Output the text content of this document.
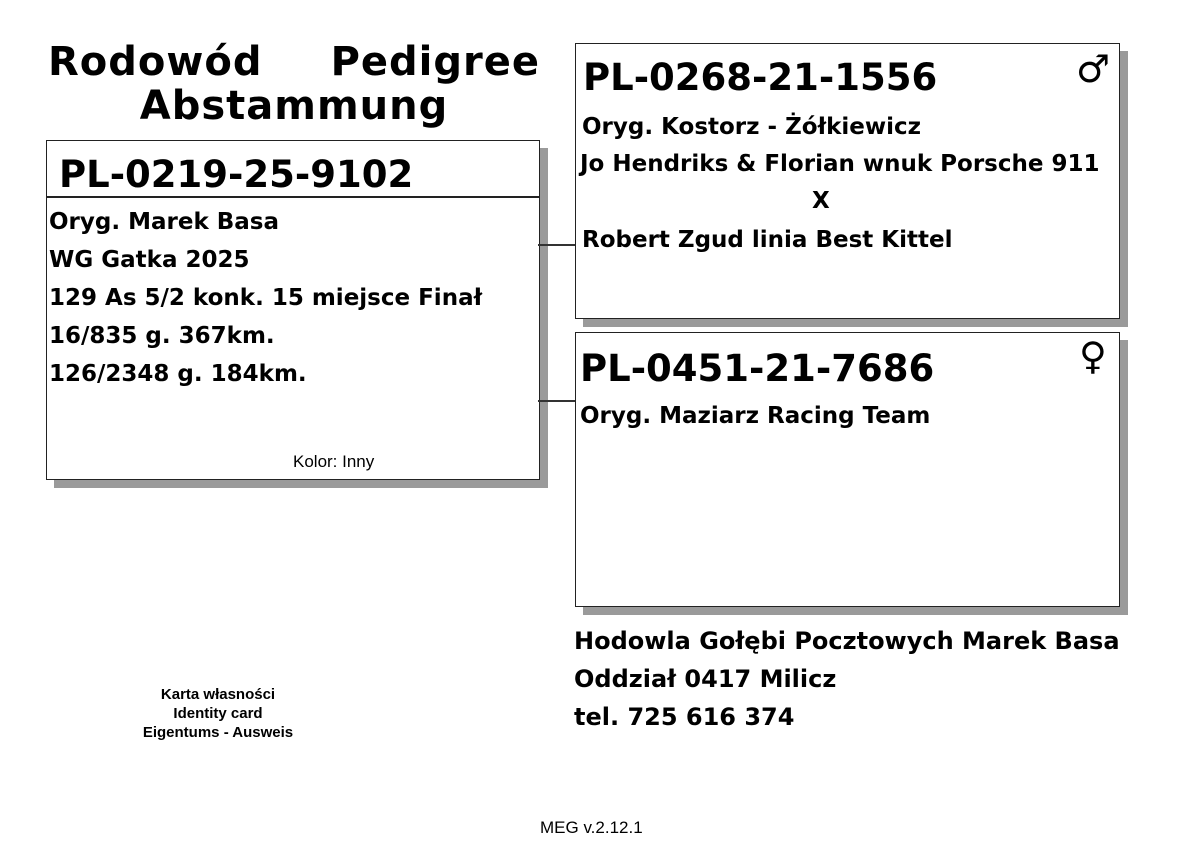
Rodowód Pedigree
Abstammung
PL-0219-25-9102
Oryg. Marek Basa
WG Gatka 2025
129 As 5/2 konk. 15 miejsce Finał
16/835 g. 367km.
126/2348 g. 184km.
Kolor: Inny
PL-0268-21-1556	♂
Oryg. Kostorz - Żółkiewicz
Jo Hendriks & Florian wnuk Porsche 911
X
Robert Zgud linia Best Kittel
PL-0451-21-7686	♀
Oryg. Maziarz Racing Team
Hodowla Gołębi Pocztowych Marek Basa
Oddział 0417 Milicz
tel. 725 616 374
Karta własności
Identity card
Eigentums - Ausweis
MEG v.2.12.1
